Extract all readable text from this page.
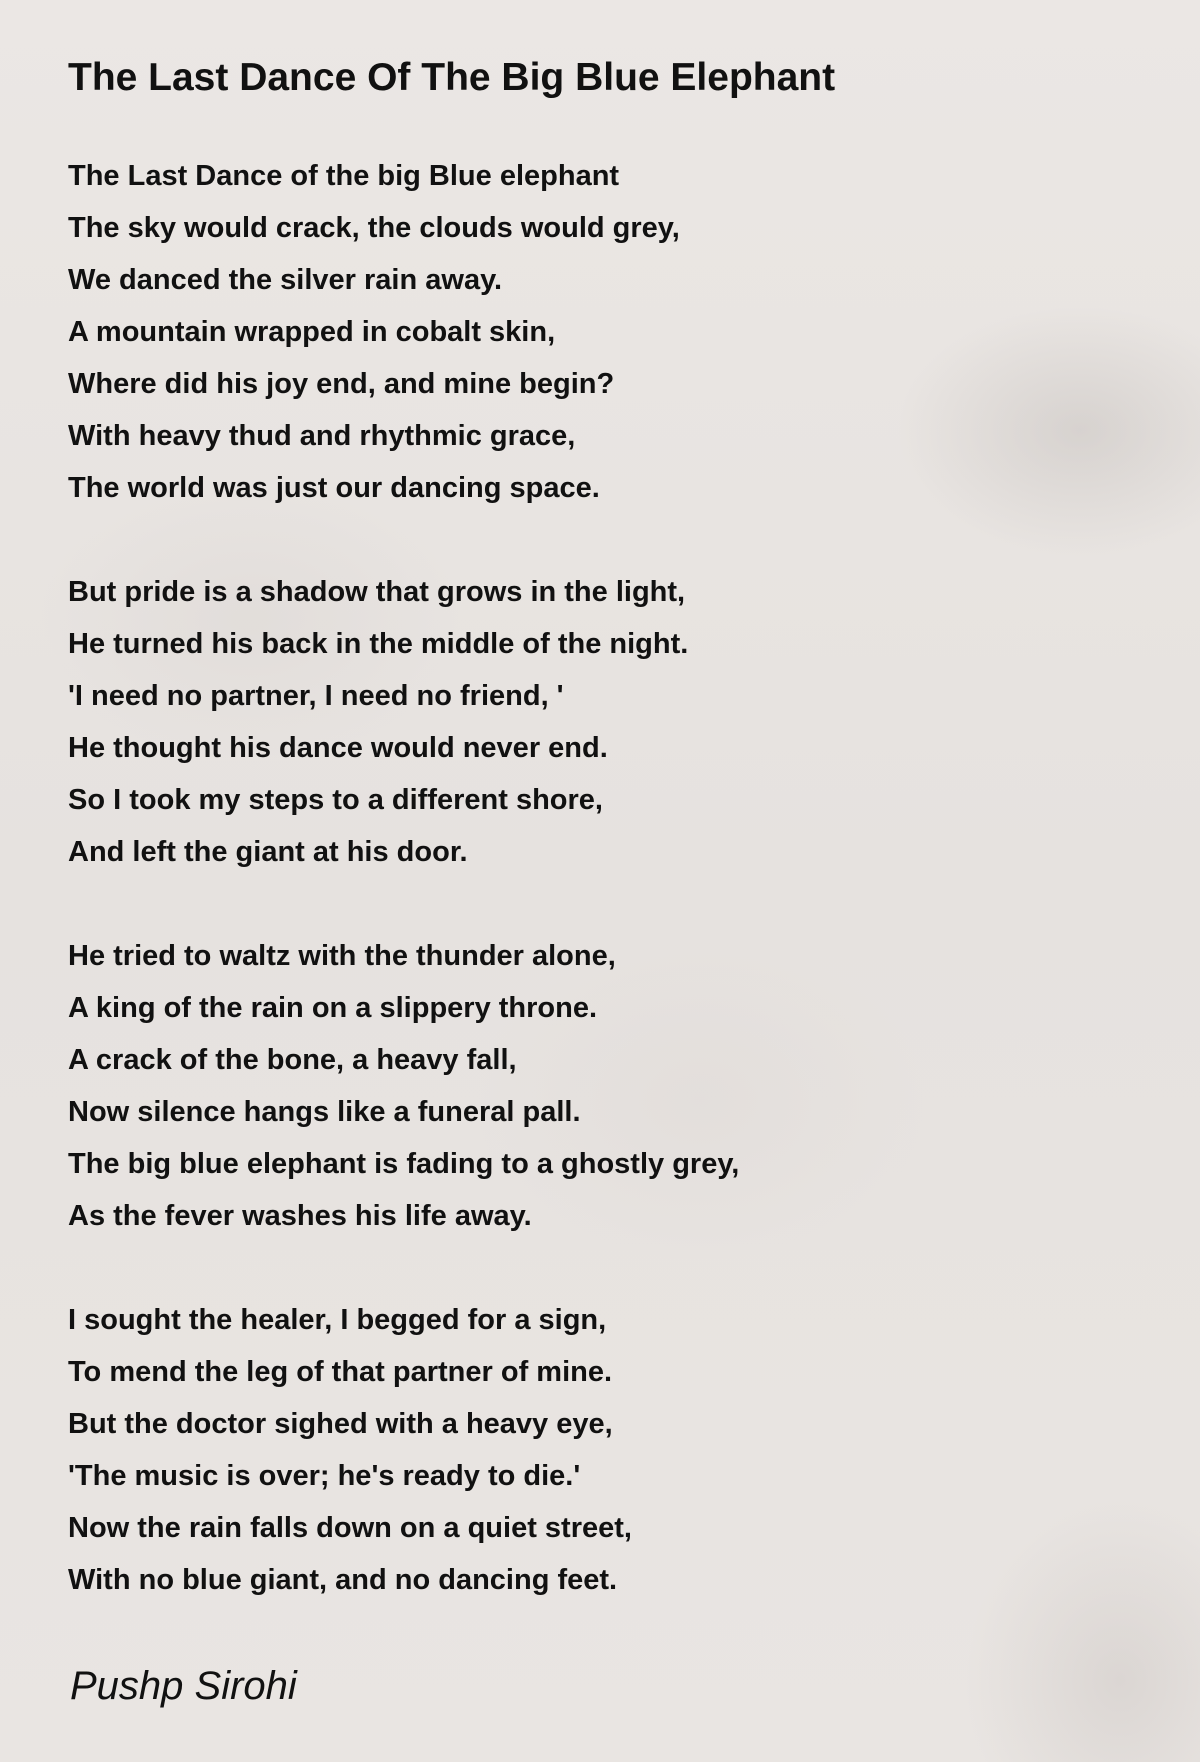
The Last Dance Of The Big Blue Elephant
The Last Dance of the big Blue elephant
The sky would crack, the clouds would grey,
We danced the silver rain away.
A mountain wrapped in cobalt skin,
Where did his joy end, and mine begin?
With heavy thud and rhythmic grace,
The world was just our dancing space.
But pride is a shadow that grows in the light,
He turned his back in the middle of the night.
'I need no partner, I need no friend, '
He thought his dance would never end.
So I took my steps to a different shore,
And left the giant at his door.
He tried to waltz with the thunder alone,
A king of the rain on a slippery throne.
A crack of the bone, a heavy fall,
Now silence hangs like a funeral pall.
The big blue elephant is fading to a ghostly grey,
As the fever washes his life away.
I sought the healer, I begged for a sign,
To mend the leg of that partner of mine.
But the doctor sighed with a heavy eye,
'The music is over; he's ready to die.'
Now the rain falls down on a quiet street,
With no blue giant, and no dancing feet.

Pushp Sirohi
